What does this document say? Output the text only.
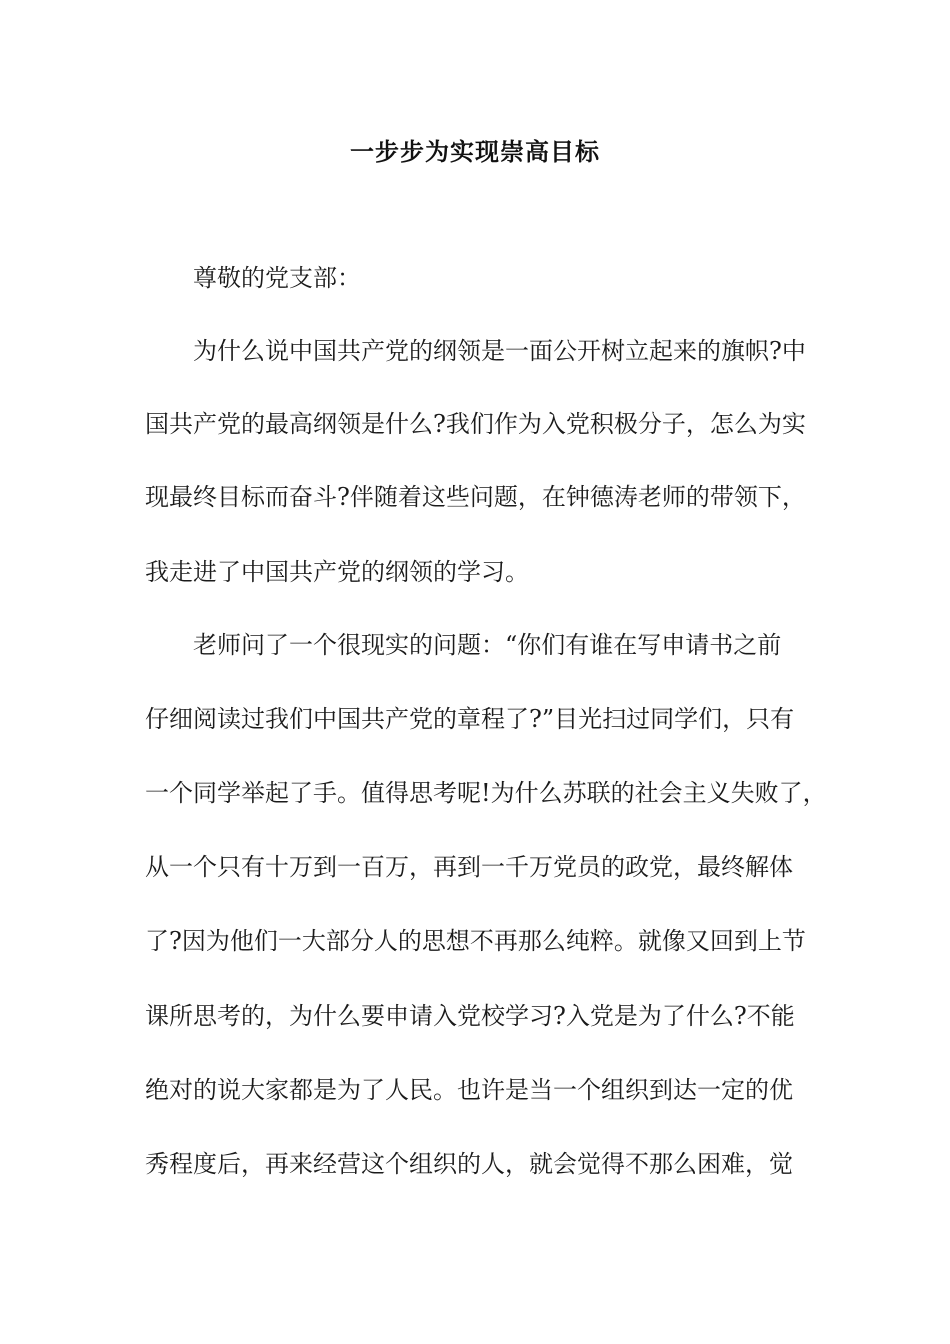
一步步为实现崇高目标
尊敬的党支部：
为什么说中国共产党的纲领是一面公开树立起来的旗帜?中
国共产党的最高纲领是什么?我们作为入党积极分子，怎么为实
现最终目标而奋斗?伴随着这些问题，在钟德涛老师的带领下，
我走进了中国共产党的纲领的学习。
老师问了一个很现实的问题：“你们有谁在写申请书之前
仔细阅读过我们中国共产党的章程了?”目光扫过同学们，只有
一个同学举起了手。值得思考呢!为什么苏联的社会主义失败了，
从一个只有十万到一百万，再到一千万党员的政党，最终解体
了?因为他们一大部分人的思想不再那么纯粹。就像又回到上节
课所思考的，为什么要申请入党校学习?入党是为了什么?不能
绝对的说大家都是为了人民。也许是当一个组织到达一定的优
秀程度后，再来经营这个组织的人，就会觉得不那么困难，觉
